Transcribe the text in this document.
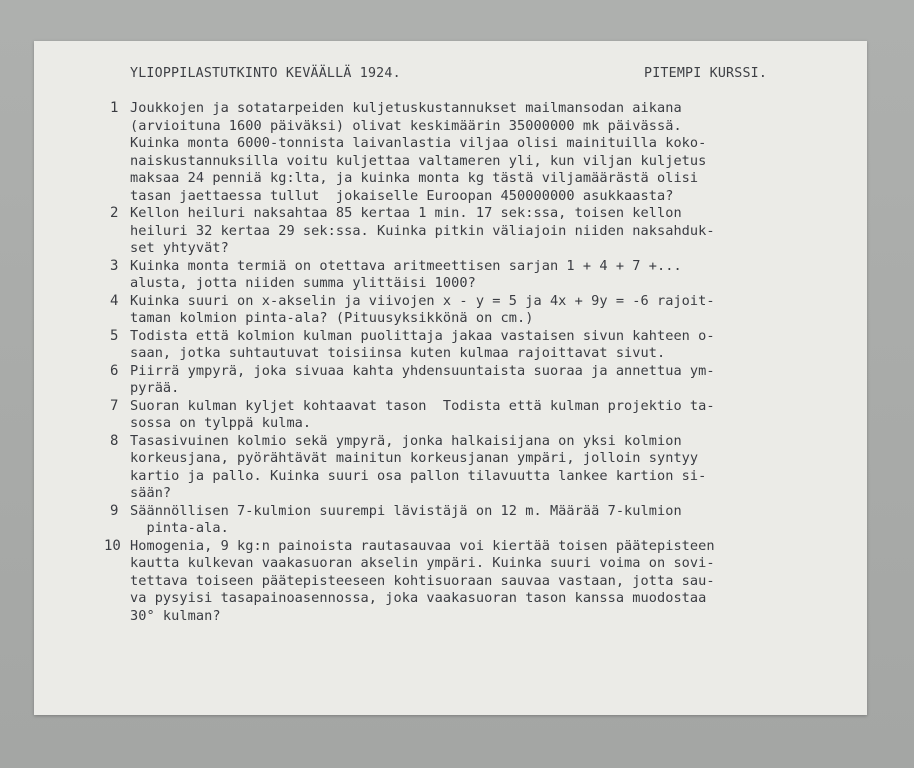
YLIOPPILASTUTKINTO KEVÄÄLLÄ 1924.	PITEMPI KURSSI.
1 Joukkojen ja sotatarpeiden kuljetuskustannukset mailmansodan aikana
(arvioituna 1600 päiväksi) olivat keskimäärin 35000000 mk päivässä.
Kuinka monta 6000-tonnista laivanlastia viljaa olisi mainituilla koko-
naiskustannuksilla voitu kuljettaa valtameren yli, kun viljan kuljetus
maksaa 24 penniä kg:lta, ja kuinka monta kg tästä viljamäärästä olisi
tasan jaettaessa tullut  jokaiselle Euroopan 450000000 asukkaasta?
2 Kellon heiluri naksahtaa 85 kertaa 1 min. 17 sek:ssa, toisen kellon
heiluri 32 kertaa 29 sek:ssa. Kuinka pitkin väliajoin niiden naksahduk-
set yhtyvät?
3 Kuinka monta termiä on otettava aritmeettisen sarjan 1 + 4 + 7 +...
alusta, jotta niiden summa ylittäisi 1000?
4 Kuinka suuri on x-akselin ja viivojen x - y = 5 ja 4x + 9y = -6 rajoit-
taman kolmion pinta-ala? (Pituusyksikkönä on cm.)
5 Todista että kolmion kulman puolittaja jakaa vastaisen sivun kahteen o-
saan, jotka suhtautuvat toisiinsa kuten kulmaa rajoittavat sivut.
6 Piirrä ympyrä, joka sivuaa kahta yhdensuuntaista suoraa ja annettua ym-
pyrää.
7 Suoran kulman kyljet kohtaavat tason  Todista että kulman projektio ta-
sossa on tylppä kulma.
8 Tasasivuinen kolmio sekä ympyrä, jonka halkaisijana on yksi kolmion
korkeusjana, pyörähtävät mainitun korkeusjanan ympäri, jolloin syntyy
kartio ja pallo. Kuinka suuri osa pallon tilavuutta lankee kartion si-
sään?
9 Säännöllisen 7-kulmion suurempi lävistäjä on 12 m. Määrää 7-kulmion
pinta-ala.
10 Homogenia, 9 kg:n painoista rautasauvaa voi kiertää toisen päätepisteen
kautta kulkevan vaakasuoran akselin ympäri. Kuinka suuri voima on sovi-
tettava toiseen päätepisteeseen kohtisuoraan sauvaa vastaan, jotta sau-
va pysyisi tasapainoasennossa, joka vaakasuoran tason kanssa muodostaa
30° kulman?
